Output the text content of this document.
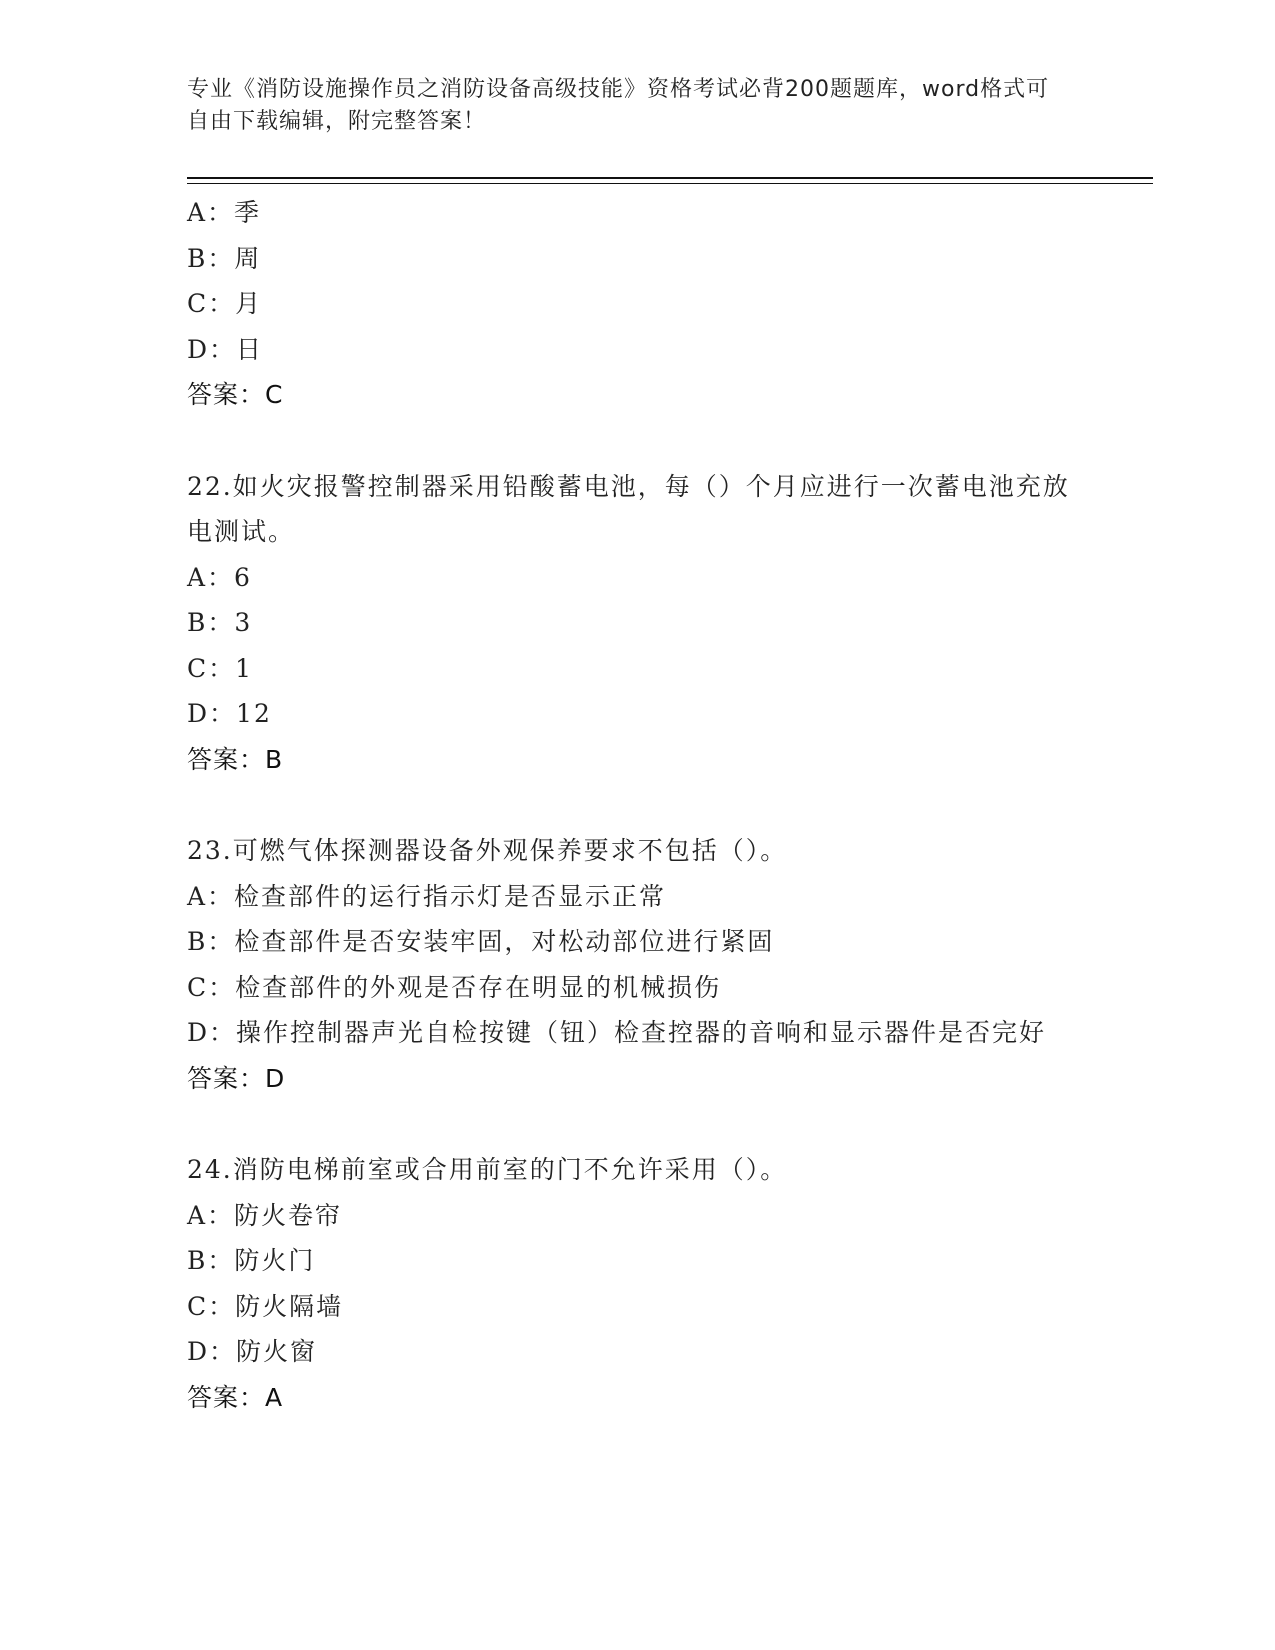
专业《消防设施操作员之消防设备高级技能》资格考试必背200题题库，word格式可自由下载编辑，附完整答案！
A：季
B：周
C：月
D：日
答案：C
22.如火灾报警控制器采用铅酸蓄电池，每（）个月应进行一次蓄电池充放电测试。
A：6
B：3
C：1
D：12
答案：B
23.可燃气体探测器设备外观保养要求不包括（）。
A：检查部件的运行指示灯是否显示正常
B：检查部件是否安装牢固，对松动部位进行紧固
C：检查部件的外观是否存在明显的机械损伤
D：操作控制器声光自检按键（钮）检查控器的音响和显示器件是否完好
答案：D
24.消防电梯前室或合用前室的门不允许采用（）。
A：防火卷帘
B：防火门
C：防火隔墙
D：防火窗
答案：A
